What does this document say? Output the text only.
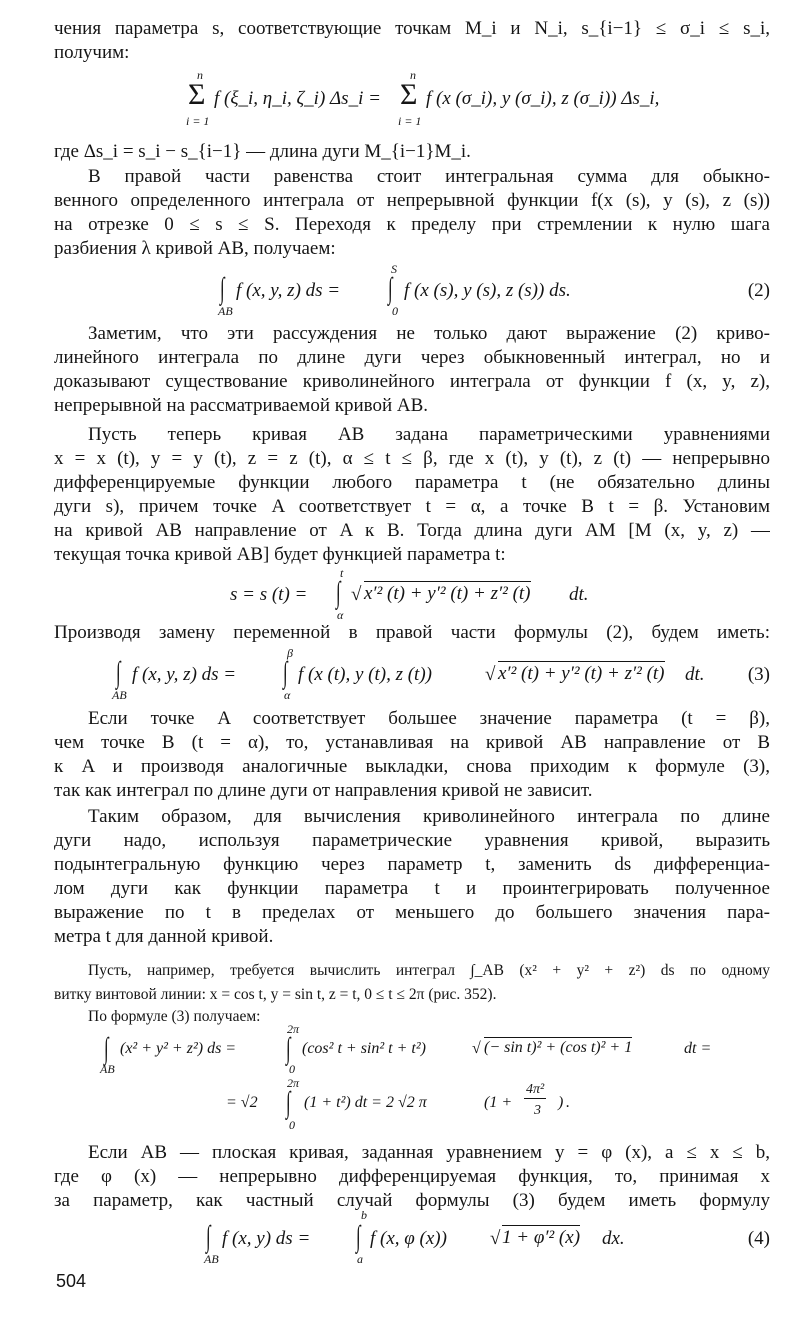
чения параметра s, соответствующие точкам M_i и N_i, s_{i−1} ≤ σ_i ≤ s_i,
получим:
n
Σ
i = 1
f (ξ_i, η_i, ζ_i) Δs_i =
n
Σ
i = 1
f (x (σ_i), y (σ_i), z (σ_i)) Δs_i,
где Δs_i = s_i − s_{i−1} — длина дуги M_{i−1}M_i.
В правой части равенства стоит интегральная сумма для обыкно-
венного определенного интеграла от непрерывной функции f(x (s), y (s), z (s))
на отрезке 0 ≤ s ≤ S. Переходя к пределу при стремлении к нулю шага
разбиения λ кривой AB, получаем:
∫
AB
f (x, y, z) ds =
S
∫
0
f (x (s), y (s), z (s)) ds.	(2)
Заметим, что эти рассуждения не только дают выражение (2) криво-
линейного интеграла по длине дуги через обыкновенный интеграл, но и
доказывают существование криволинейного интеграла от функции f (x, y, z),
непрерывной на рассматриваемой кривой AB.
Пусть теперь кривая AB задана параметрическими уравнениями
x = x (t), y = y (t), z = z (t), α ≤ t ≤ β, где x (t), y (t), z (t) — непрерывно
дифференцируемые функции любого параметра t (не обязательно длины
дуги s), причем точке A соответствует t = α, а точке B t = β. Установим
на кривой AB направление от A к B. Тогда длина дуги AM [M (x, y, z) —
текущая точка кривой AB] будет функцией параметра t:
s = s (t) =
t
∫
α
√ x′² (t) + y′² (t) + z′² (t) dt.
Производя замену переменной в правой части формулы (2), будем иметь:
∫
AB
f (x, y, z) ds =
β
∫
α
f (x (t), y (t), z (t))	√ x′² (t) + y′² (t) + z′² (t) dt. (3)
Если точке A соответствует большее значение параметра (t = β),
чем точке B (t = α), то, устанавливая на кривой AB направление от B
к A и производя аналогичные выкладки, снова приходим к формуле (3),
так как интеграл по длине дуги от направления кривой не зависит.
Таким образом, для вычисления криволинейного интеграла по длине
дуги надо, используя параметрические уравнения кривой, выразить
подынтегральную функцию через параметр t, заменить ds дифференциа-
лом дуги как функции параметра t и проинтегрировать полученное
выражение по t в пределах от меньшего до большего значения пара-
метра t для данной кривой.
Пусть, например, требуется вычислить интеграл ∫_AB (x² + y² + z²) ds по одному
витку винтовой линии: x = cos t, y = sin t, z = t, 0 ≤ t ≤ 2π (рис. 352).
По формуле (3) получаем:
∫
AB
(x² + y² + z²) ds =
2π
∫
0
(cos² t + sin² t + t²)	√ (− sin t)² + (cos t)² + 1	dt =
= √2
2π
∫
0
(1 + t²) dt = 2 √2 π	(1 +
4π²
3 ) .
Если AB — плоская кривая, заданная уравнением y = φ (x), a ≤ x ≤ b,
где φ (x) — непрерывно дифференцируемая функция, то, принимая x
за параметр, как частный случай формулы (3) будем иметь формулу
∫
AB
f (x, y) ds =
b
∫
a
f (x, φ (x)) √ 1 + φ′² (x) dx.	(4)
504
